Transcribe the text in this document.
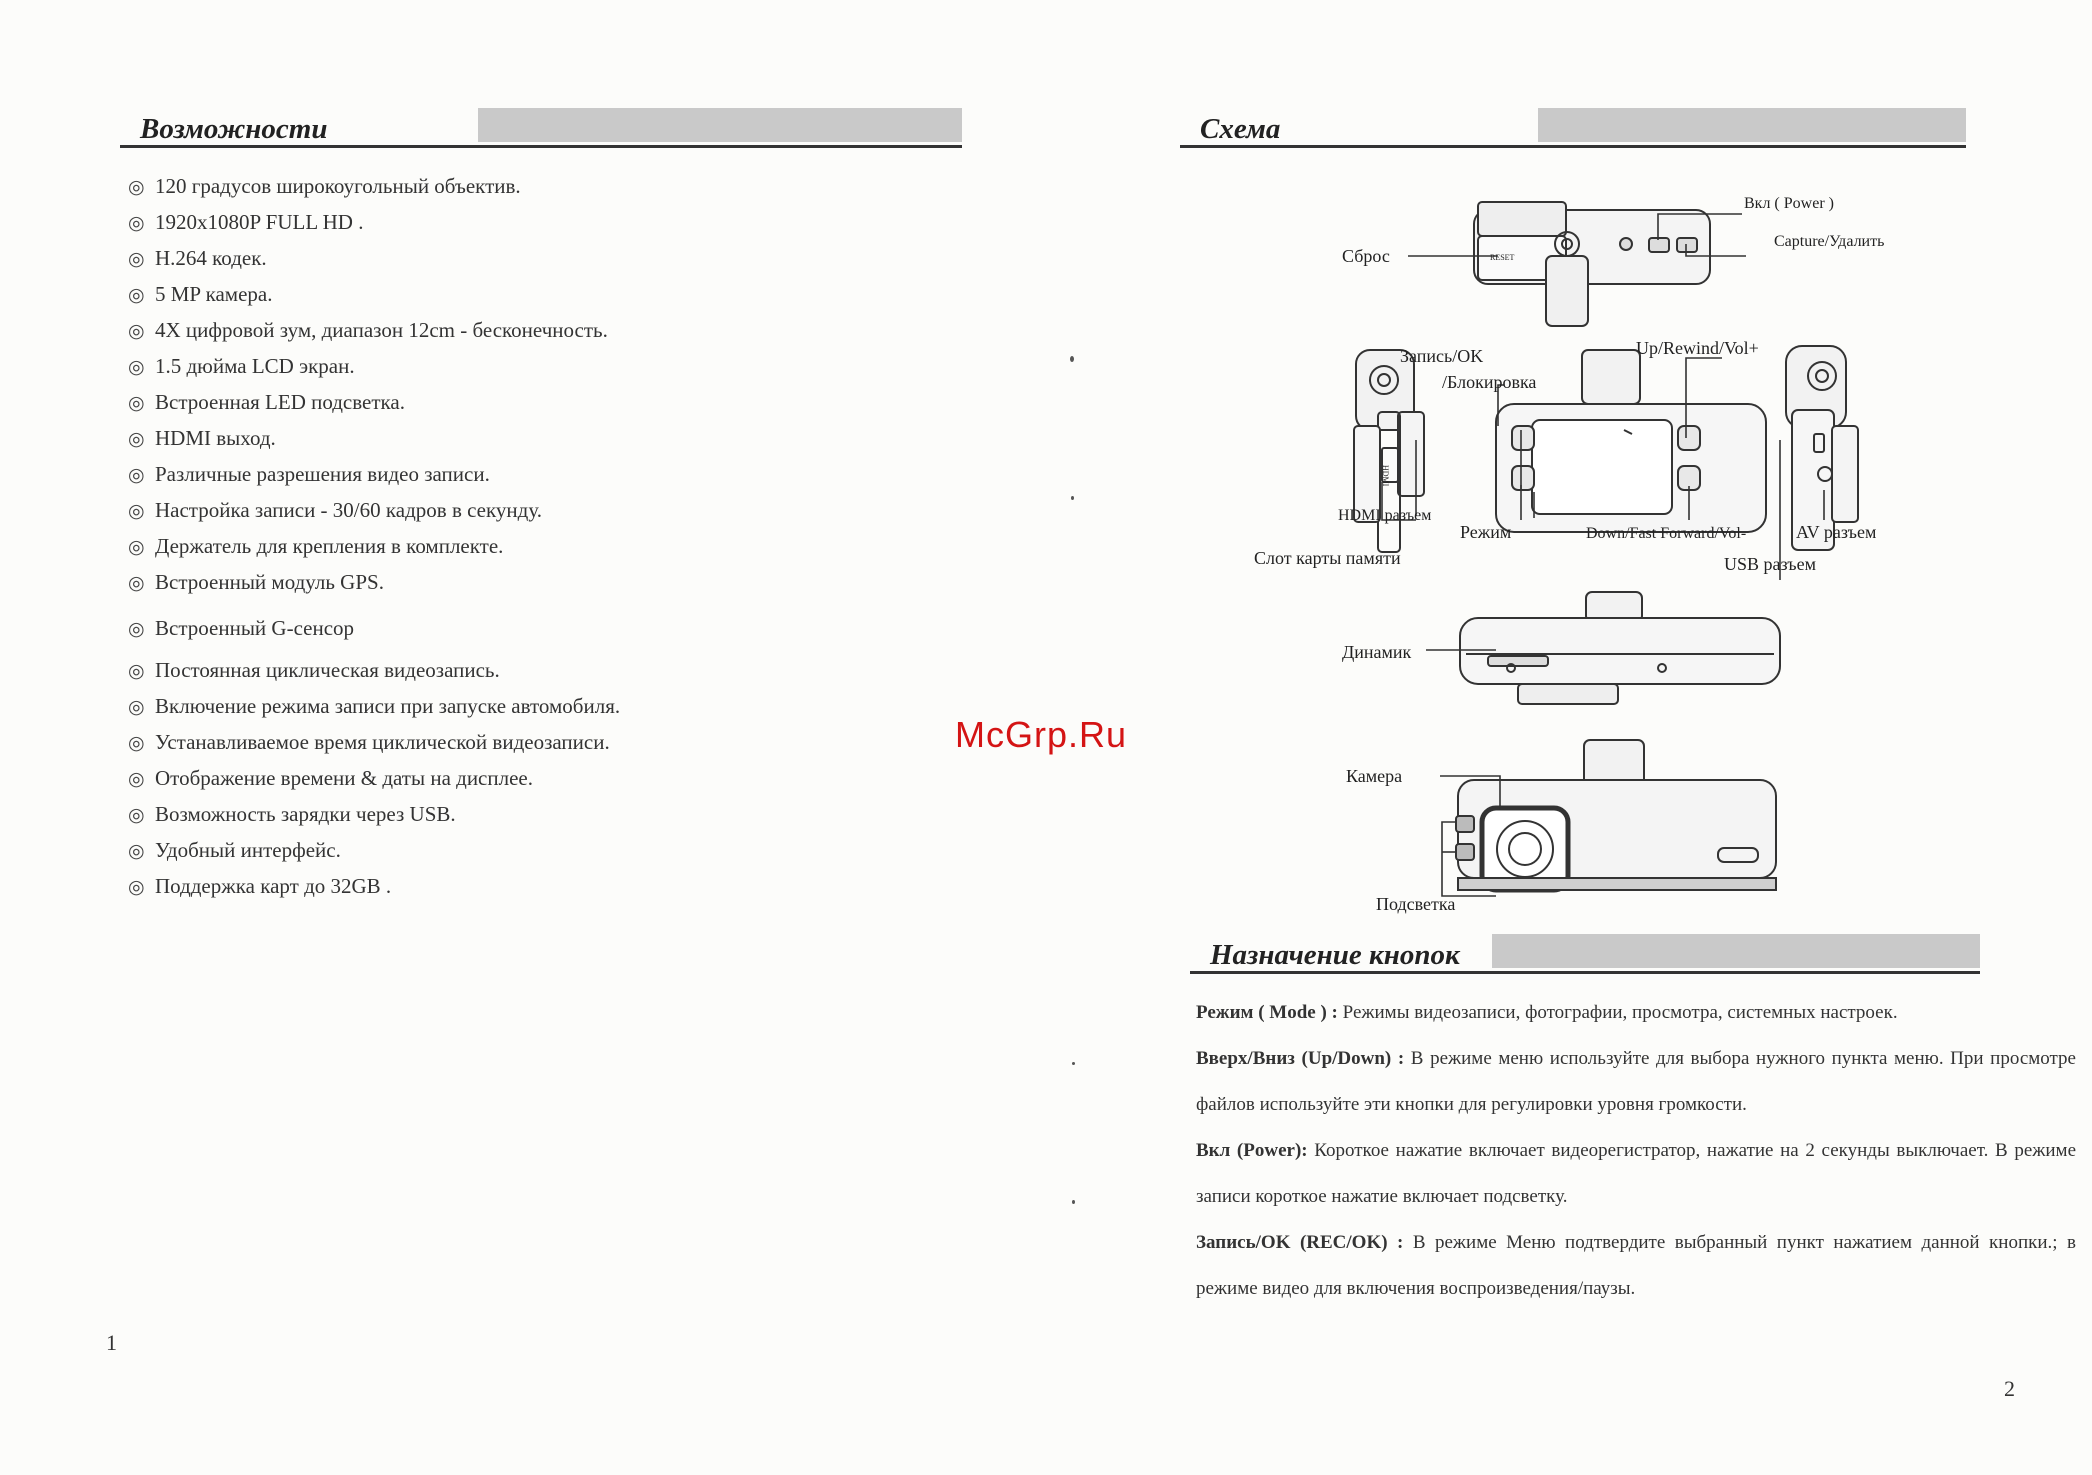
Возможности
◎ 120 градусов широкоугольный объектив.
◎ 1920x1080P FULL HD .
◎ H.264 кодек.
◎ 5 MP камера.
◎ 4X цифровой зум, диапазон 12cm - бесконечность.
◎ 1.5 дюйма LCD экран.
◎ Встроенная LED подсветка.
◎ HDMI выход.
◎ Различные разрешения видео записи.
◎ Настройка записи - 30/60 кадров в секунду.
◎ Держатель для крепления в комплекте.
◎ Встроенный модуль GPS.
◎ Встроенный G-сенсор
◎ Постоянная циклическая видеозапись.
◎ Включение режима записи при запуске автомобиля.
◎ Устанавливаемое время циклической видеозаписи.
◎ Отображение времени & даты на дисплее.
◎ Возможность зарядки через USB.
◎ Удобный интерфейс.
◎ Поддержка карт до 32GB .
1
Схема
RESET
HDMI
Вкл ( Power )
Capture/Удалить
Сброс
Запись/OK
/Блокировка
Up/Rewind/Vol+
HDMI разъем
Режим	Down/Fast Forward/Vol-	AV разъем
Слот карты памяти	USB разъем
Динамик
Камера
Подсветка
Назначение кнопок

Режим ( Mode ) : Режимы видеозаписи, фотографии, просмотра, системных настроек.

Вверх/Вниз (Up/Down) : В режиме меню используйте для выбора нужного пункта меню. При просмотре файлов используйте эти кнопки для регулировки уровня громкости.

Вкл (Power): Короткое нажатие включает видеорегистратор, нажатие на 2 секунды выключает. В режиме записи короткое нажатие включает подсветку.

Запись/OK (REC/OK) : В режиме Меню подтвердите выбранный пункт нажатием данной кнопки.; в режиме видео для включения воспроизведения/паузы.

2
McGrp.Ru
